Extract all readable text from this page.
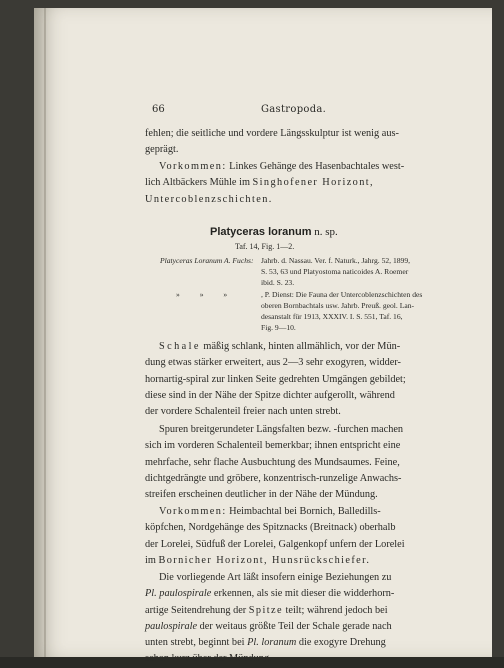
66	Gastropoda.

fehlen; die seitliche und vordere Längsskulptur ist wenig aus-
geprägt.

Vorkommen: Linkes Gehänge des Hasenbachtales west-
lich Altbäckers Mühle im Singhofener Horizont,
Untercoblenzschichten.

Platyceras loranum n. sp.
Taf. 14, Fig. 1—2.

Platyceras Loranum A. Fuchs: Jahrb. d. Nassau. Ver. f. Naturk., Jahrg. 52, 1899,
S. 53, 63 und Platyostoma naticoides A. Roemer
ibid. S. 23.

» » »	, P. Dienst: Die Fauna der Untercoblenzschichten des
oberen Bornbachtals usw. Jahrb. Preuß. geol. Lan-
desanstalt für 1913, XXXIV. I. S. 551, Taf. 16,
Fig. 9—10.

Schale mäßig schlank, hinten allmählich, vor der Mün-
dung etwas stärker erweitert, aus 2—3 sehr exogyren, widder-
hornartig-spiral zur linken Seite gedrehten Umgängen gebildet;
diese sind in der Nähe der Spitze dichter aufgerollt, während
der vordere Schalenteil freier nach unten strebt.

Spuren breitgerundeter Längsfalten bezw. -furchen machen
sich im vorderen Schalenteil bemerkbar; ihnen entspricht eine
mehrfache, sehr flache Ausbuchtung des Mundsaumes. Feine,
dichtgedrängte und gröbere, konzentrisch-runzelige Anwachs-
streifen erscheinen deutlicher in der Nähe der Mündung.

Vorkommen: Heimbachtal bei Bornich, Balledills-
köpfchen, Nordgehänge des Spitznacks (Breitnack) oberhalb
der Lorelei, Südfuß der Lorelei, Galgenkopf unfern der Lorelei
im Bornicher Horizont, Hunsrückschiefer.

Die vorliegende Art läßt insofern einige Beziehungen zu
Pl. paulospirale erkennen, als sie mit dieser die widderhorn-
artige Seitendrehung der Spitze teilt; während jedoch bei
paulospirale der weitaus größte Teil der Schale gerade nach
unten strebt, beginnt bei Pl. loranum die exogyre Drehung
schon kurz über der Mündung.
